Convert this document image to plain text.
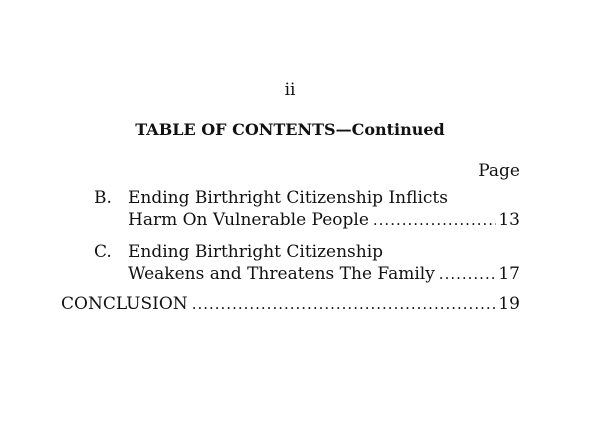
ii
TABLE OF CONTENTS—Continued
Page
B. Ending Birthright Citizenship Inflicts
Harm On Vulnerable People .....	13
C. Ending Birthright Citizenship
Weakens and Threatens The Family .....	17
CONCLUSION .....	19
